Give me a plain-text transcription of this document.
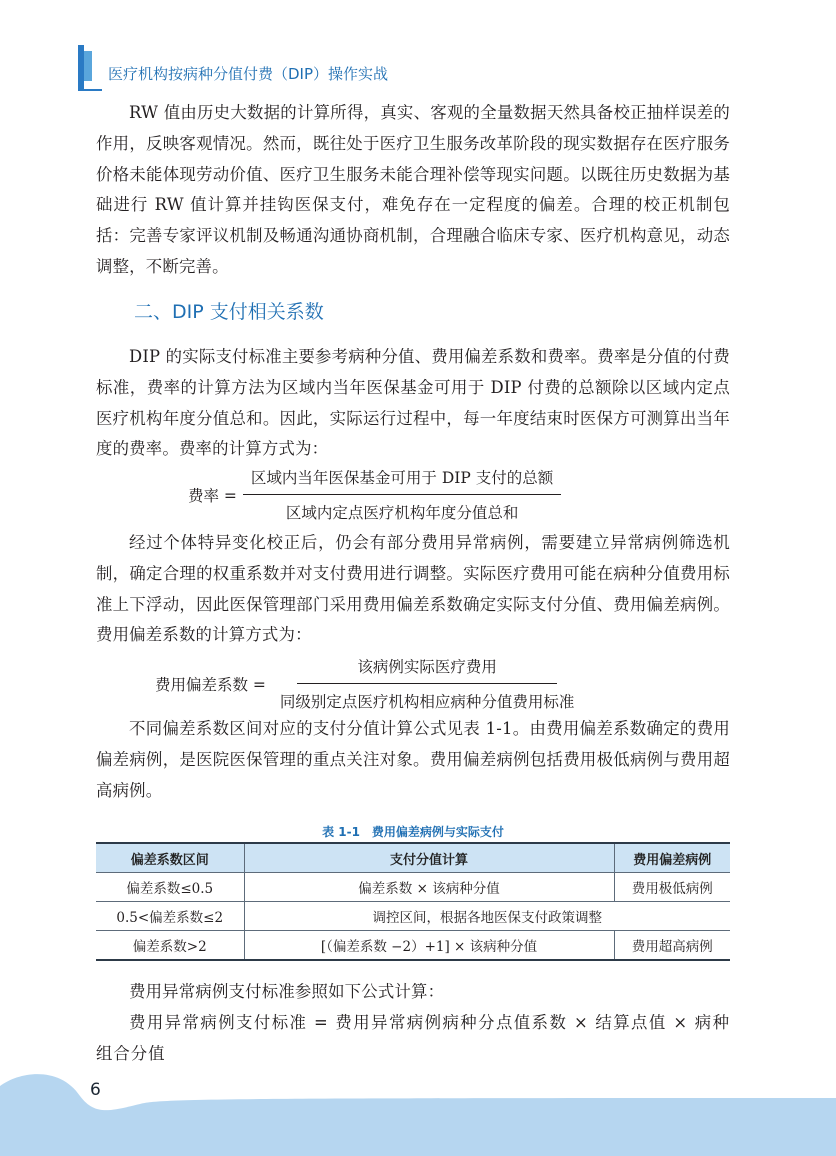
医疗机构按病种分值付费（DIP）操作实战

RW 值由历史大数据的计算所得，真实、客观的全量数据天然具备校正抽样误差的作用，反映客观情况。然而，既往处于医疗卫生服务改革阶段的现实数据存在医疗服务价格未能体现劳动价值、医疗卫生服务未能合理补偿等现实问题。以既往历史数据为基础进行 RW 值计算并挂钩医保支付，难免存在一定程度的偏差。合理的校正机制包括：完善专家评议机制及畅通沟通协商机制，合理融合临床专家、医疗机构意见，动态调整，不断完善。

二、DIP 支付相关系数

DIP 的实际支付标准主要参考病种分值、费用偏差系数和费率。费率是分值的付费标准，费率的计算方法为区域内当年医保基金可用于 DIP 付费的总额除以区域内定点医疗机构年度分值总和。因此，实际运行过程中，每一年度结束时医保方可测算出当年度的费率。费率的计算方式为：

费率 = $\frac{\text{区域内当年医保基金可用于 DIP 支付的总额}}{\text{区域内定点医疗机构年度分值总和}}$

经过个体特异变化校正后，仍会有部分费用异常病例，需要建立异常病例筛选机制，确定合理的权重系数并对支付费用进行调整。实际医疗费用可能在病种分值费用标准上下浮动，因此医保管理部门采用费用偏差系数确定实际支付分值、费用偏差病例。费用偏差系数的计算方式为：

费用偏差系数 = $\frac{\text{该病例实际医疗费用}}{\text{同级别定点医疗机构相应病种分值费用标准}}$

不同偏差系数区间对应的支付分值计算公式见表 1-1。由费用偏差系数确定的费用偏差病例，是医院医保管理的重点关注对象。费用偏差病例包括费用极低病例与费用超高病例。

表 1-1　费用偏差病例与实际支付
偏差系数区间	支付分值计算	费用偏差病例
偏差系数≤0.5	偏差系数 × 该病种分值	费用极低病例
0.5<偏差系数≤2	调控区间，根据各地医保支付政策调整	
偏差系数>2	[（偏差系数 −2）+1] × 该病种分值	费用超高病例

费用异常病例支付标准参照如下公式计算：

费用异常病例支付标准 = 费用异常病例病种分点值系数 × 结算点值 × 病种组合分值

6
